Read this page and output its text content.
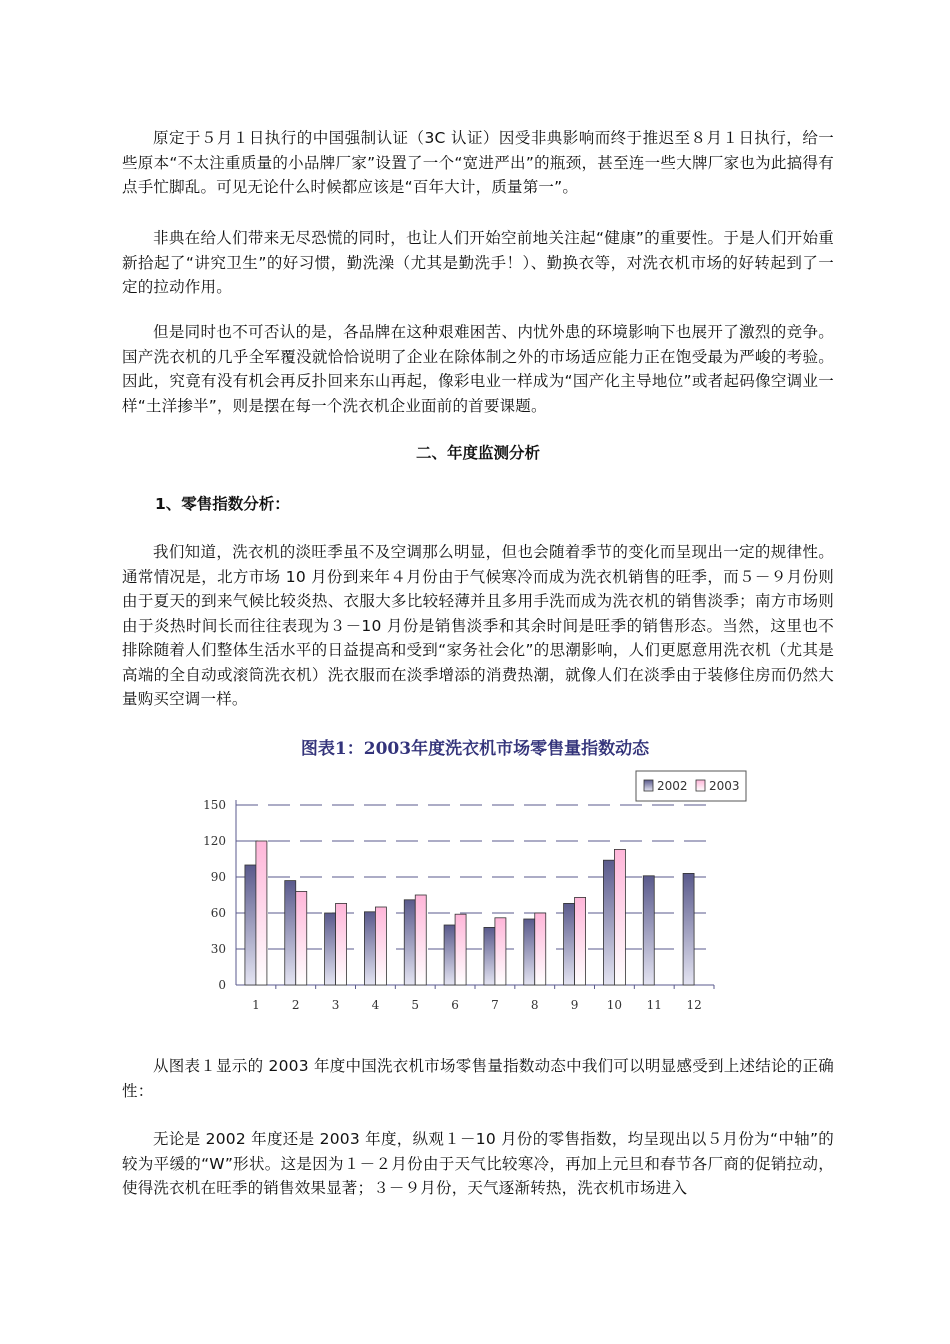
原定于５月１日执行的中国强制认证（3C 认证）因受非典影响而终于推迟至８月１日执行，给一些原本“不太注重质量的小品牌厂家”设置了一个“宽进严出”的瓶颈，甚至连一些大牌厂家也为此搞得有点手忙脚乱。可见无论什么时候都应该是“百年大计，质量第一”。

非典在给人们带来无尽恐慌的同时，也让人们开始空前地关注起“健康”的重要性。于是人们开始重新拾起了“讲究卫生”的好习惯，勤洗澡（尤其是勤洗手！）、勤换衣等，对洗衣机市场的好转起到了一定的拉动作用。

但是同时也不可否认的是，各品牌在这种艰难困苦、内忧外患的环境影响下也展开了激烈的竞争。国产洗衣机的几乎全军覆没就恰恰说明了企业在除体制之外的市场适应能力正在饱受最为严峻的考验。因此，究竟有没有机会再反扑回来东山再起，像彩电业一样成为“国产化主导地位”或者起码像空调业一样“土洋掺半”，则是摆在每一个洗衣机企业面前的首要课题。

二、年度监测分析

1、零售指数分析：

我们知道，洗衣机的淡旺季虽不及空调那么明显，但也会随着季节的变化而呈现出一定的规律性。通常情况是，北方市场 10 月份到来年４月份由于气候寒冷而成为洗衣机销售的旺季，而５－９月份则由于夏天的到来气候比较炎热、衣服大多比较轻薄并且多用手洗而成为洗衣机的销售淡季；南方市场则由于炎热时间长而往往表现为３－10 月份是销售淡季和其余时间是旺季的销售形态。当然，这里也不排除随着人们整体生活水平的日益提高和受到“家务社会化”的思潮影响，人们更愿意用洗衣机（尤其是高端的全自动或滚筒洗衣机）洗衣服而在淡季增添的消费热潮，就像人们在淡季由于装修住房而仍然大量购买空调一样。

图表1：2003年度洗衣机市场零售量指数动态

0
30
60
90
120
150
1	2	3	4	5	6	7	8	9 10 11 12
2002 2003

从图表１显示的 2003 年度中国洗衣机市场零售量指数动态中我们可以明显感受到上述结论的正确性：

无论是 2002 年度还是 2003 年度，纵观１－10 月份的零售指数，均呈现出以５月份为“中轴”的较为平缓的“W”形状。这是因为１－２月份由于天气比较寒冷，再加上元旦和春节各厂商的促销拉动，使得洗衣机在旺季的销售效果显著；３－９月份，天气逐渐转热，洗衣机市场进入
